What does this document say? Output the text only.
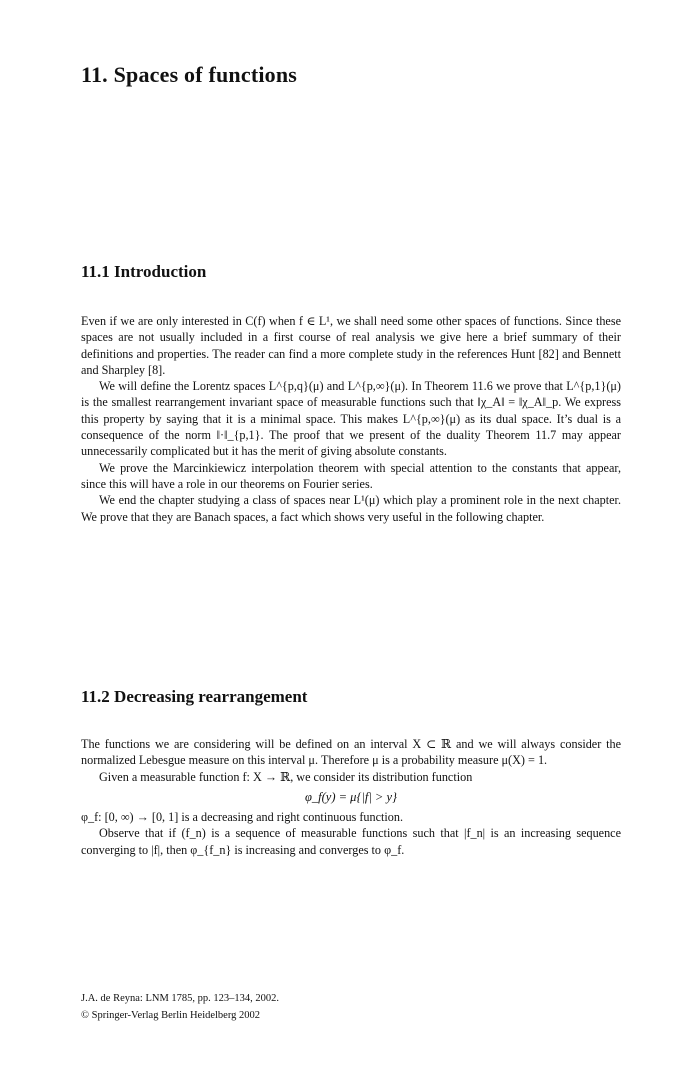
11. Spaces of functions
11.1 Introduction

Even if we are only interested in C(f) when f ∈ L¹, we shall need some other spaces of functions. Since these spaces are not usually included in a first course of real analysis we give here a brief summary of their definitions and properties. The reader can find a more complete study in the references Hunt [82] and Bennett and Sharpley [8].

We will define the Lorentz spaces L^{p,q}(μ) and L^{p,∞}(μ). In Theorem 11.6 we prove that L^{p,1}(μ) is the smallest rearrangement invariant space of measurable functions such that ‖χ_A‖ = ‖χ_A‖_p. We express this property by saying that it is a minimal space. This makes L^{p,∞}(μ) as its dual space. It’s dual is a consequence of the norm ‖·‖_{p,1}. The proof that we present of the duality Theorem 11.7 may appear unnecessarily complicated but it has the merit of giving absolute constants.

We prove the Marcinkiewicz interpolation theorem with special attention to the constants that appear, since this will have a role in our theorems on Fourier series.

We end the chapter studying a class of spaces near L¹(μ) which play a prominent role in the next chapter. We prove that they are Banach spaces, a fact which shows very useful in the following chapter.

11.2 Decreasing rearrangement

The functions we are considering will be defined on an interval X ⊂ ℝ and we will always consider the normalized Lebesgue measure on this interval μ. Therefore μ is a probability measure μ(X) = 1.

Given a measurable function f: X → ℝ, we consider its distribution function

φ_f(y) = μ{|f| > y}

φ_f: [0, ∞) → [0, 1] is a decreasing and right continuous function.

Observe that if (f_n) is a sequence of measurable functions such that |f_n| is an increasing sequence converging to |f|, then φ_{f_n} is increasing and converges to φ_f.

J.A. de Reyna: LNM 1785, pp. 123–134, 2002.
© Springer-Verlag Berlin Heidelberg 2002
